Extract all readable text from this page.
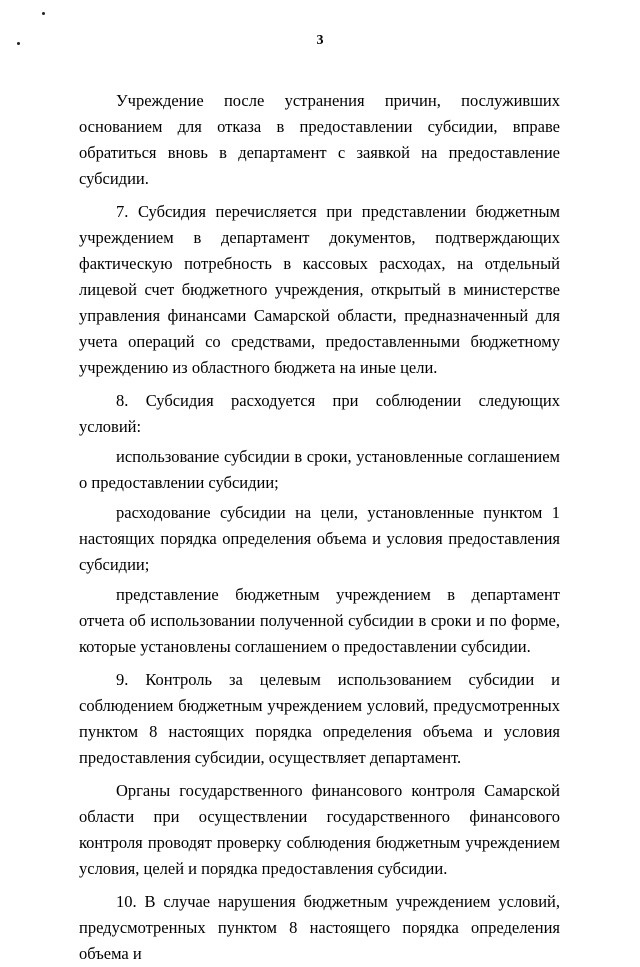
3

Учреждение после устранения причин, послуживших основанием для отказа в предоставлении субсидии, вправе обратиться вновь в департамент с заявкой на предоставление субсидии.

7. Субсидия перечисляется при представлении бюджетным учреждением в департамент документов, подтверждающих фактическую потребность в кассовых расходах, на отдельный лицевой счет бюджетного учреждения, открытый в министерстве управления финансами Самарской области, предназначенный для учета операций со средствами, предоставленными бюджетному учреждению из областного бюджета на иные цели.

8. Субсидия расходуется при соблюдении следующих условий:

использование субсидии в сроки, установленные соглашением о предоставлении субсидии;

расходование субсидии на цели, установленные пунктом 1 настоящих порядка определения объема и условия предоставления субсидии;

представление бюджетным учреждением в департамент отчета об использовании полученной субсидии в сроки и по форме, которые установлены соглашением о предоставлении субсидии.

9. Контроль за целевым использованием субсидии и соблюдением бюджетным учреждением условий, предусмотренных пунктом 8 настоящих порядка определения объема и условия предоставления субсидии, осуществляет департамент.

Органы государственного финансового контроля Самарской области при осуществлении государственного финансового контроля проводят проверку соблюдения бюджетным учреждением условия, целей и порядка предоставления субсидии.

10. В случае нарушения бюджетным учреждением условий, предусмотренных пунктом 8 настоящего порядка определения объема и
